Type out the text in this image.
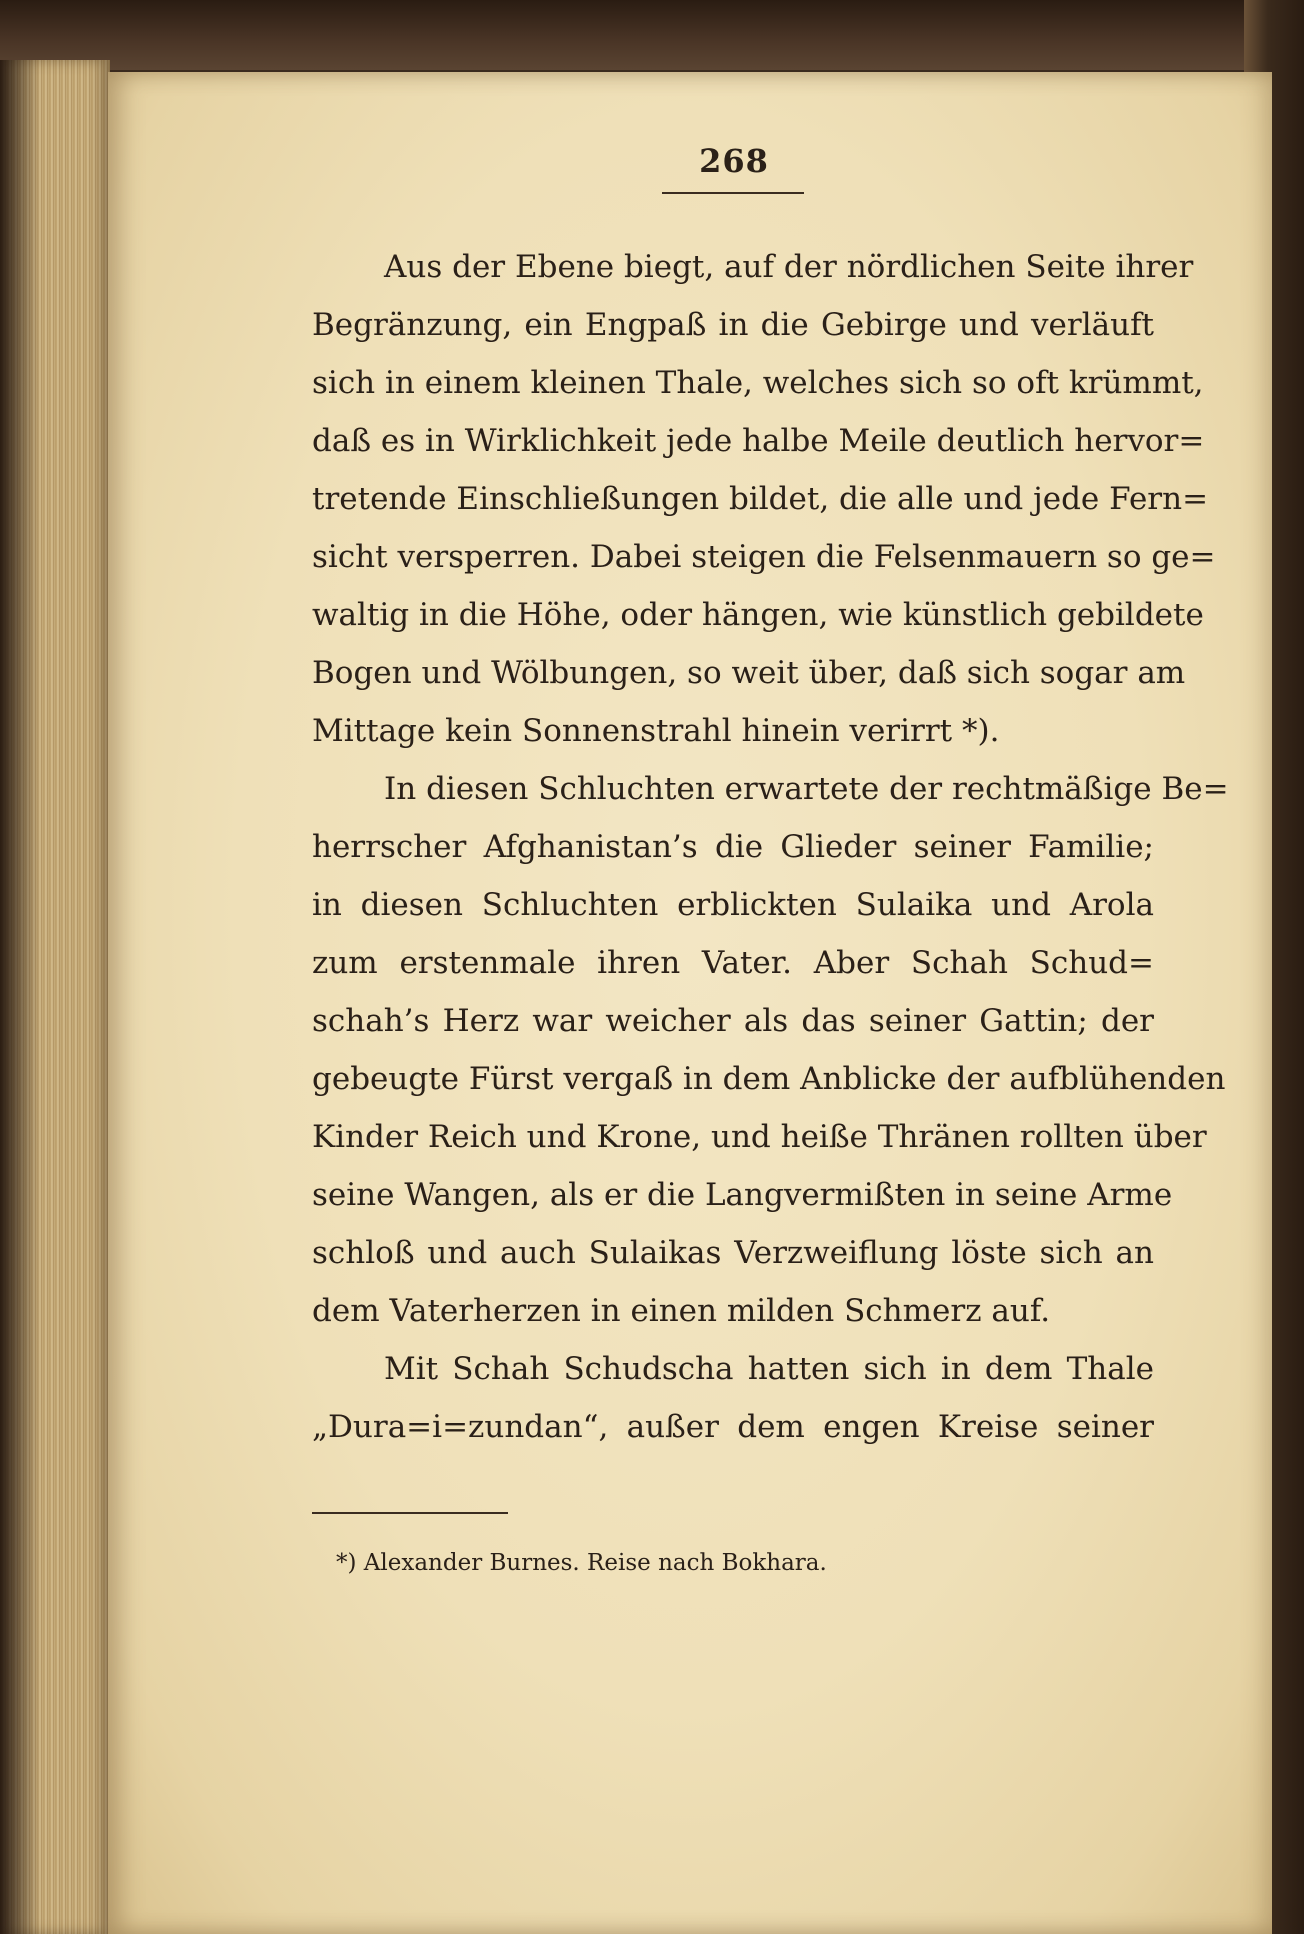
268
Aus der Ebene biegt, auf der nördlichen Seite ihrer
Begränzung, ein Engpaß in die Gebirge und verläuft
sich in einem kleinen Thale, welches sich so oft krümmt,
daß es in Wirklichkeit jede halbe Meile deutlich hervor=
tretende Einschließungen bildet, die alle und jede Fern=
sicht versperren. Dabei steigen die Felsenmauern so ge=
waltig in die Höhe, oder hängen, wie künstlich gebildete
Bogen und Wölbungen, so weit über, daß sich sogar am
Mittage kein Sonnenstrahl hinein verirrt *).
In diesen Schluchten erwartete der rechtmäßige Be=
herrscher Afghanistan’s die Glieder seiner Familie;
in diesen Schluchten erblickten Sulaika und Arola
zum erstenmale ihren Vater. Aber Schah Schud=
schah’s Herz war weicher als das seiner Gattin; der
gebeugte Fürst vergaß in dem Anblicke der aufblühenden
Kinder Reich und Krone, und heiße Thränen rollten über
seine Wangen, als er die Langvermißten in seine Arme
schloß und auch Sulaikas Verzweiflung löste sich an
dem Vaterherzen in einen milden Schmerz auf.
Mit Schah Schudscha hatten sich in dem Thale
„Dura=i=zundan“, außer dem engen Kreise seiner
*) Alexander Burnes. Reise nach Bokhara.
